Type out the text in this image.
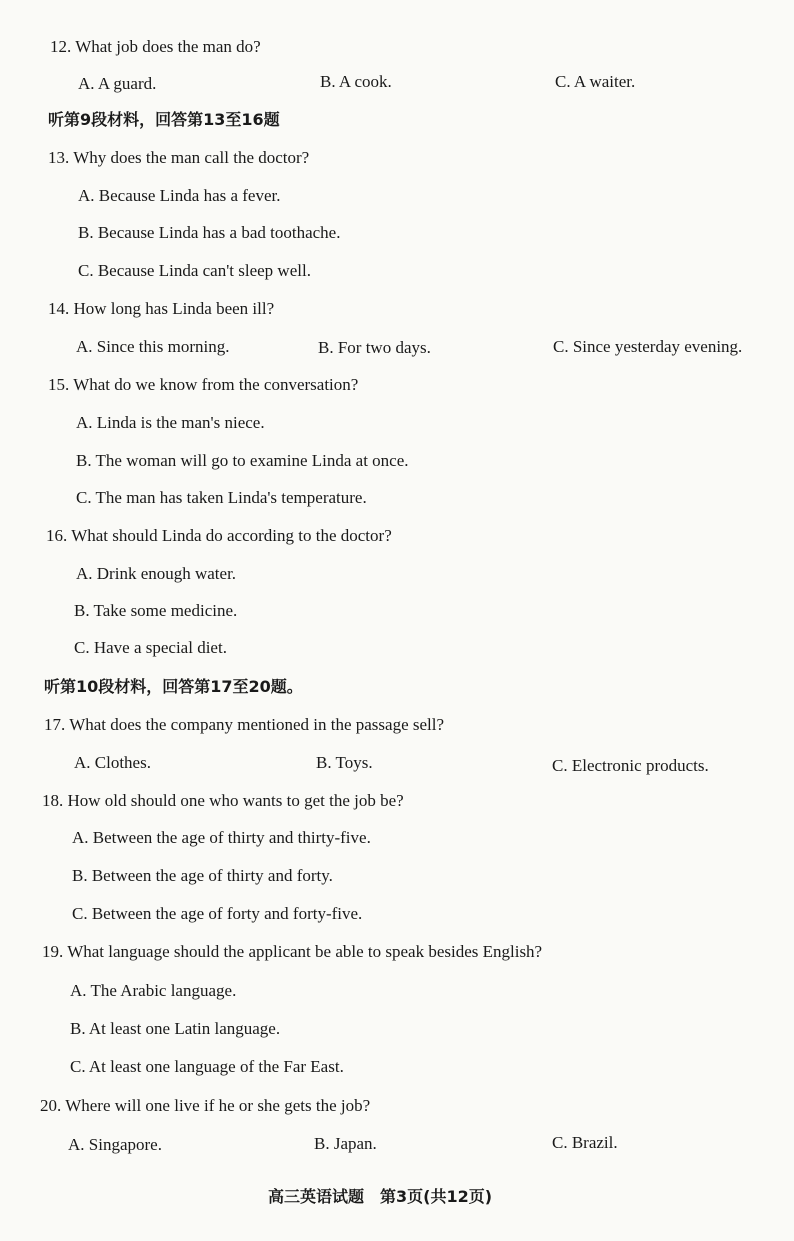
12. What job does the man do?
A. A guard.	B. A cook.	C. A waiter.
听第9段材料，回答第13至16题
13. Why does the man call the doctor?
A. Because Linda has a fever.
B. Because Linda has a bad toothache.
C. Because Linda can't sleep well.
14. How long has Linda been ill?
A. Since this morning.	B. For two days.	C. Since yesterday evening.
15. What do we know from the conversation?
A. Linda is the man's niece.
B. The woman will go to examine Linda at once.
C. The man has taken Linda's temperature.
16. What should Linda do according to the doctor?
A. Drink enough water.
B. Take some medicine.
C. Have a special diet.
听第10段材料，回答第17至20题。
17. What does the company mentioned in the passage sell?
A. Clothes.	B. Toys.	C. Electronic products.
18. How old should one who wants to get the job be?
A. Between the age of thirty and thirty-five.
B. Between the age of thirty and forty.
C. Between the age of forty and forty-five.
19. What language should the applicant be able to speak besides English?
A. The Arabic language.
B. At least one Latin language.
C. At least one language of the Far East.
20. Where will one live if he or she gets the job?
A. Singapore.	B. Japan.	C. Brazil.
高三英语试题　第3页(共12页)
